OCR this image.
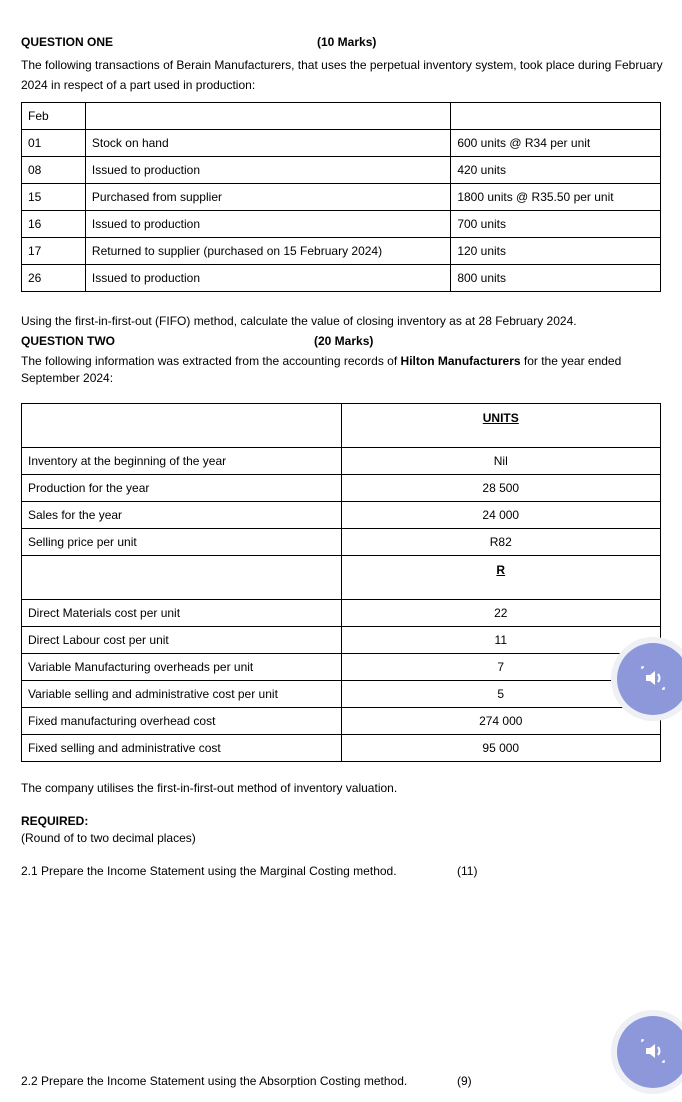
QUESTION ONE	(10 Marks)
The following transactions of Berain Manufacturers, that uses the perpetual inventory system, took place during February 2024 in respect of a part used in production:
Feb		
01	Stock on hand	600 units @ R34 per unit
08	Issued to production	420 units
15	Purchased from supplier	1800 units @ R35.50 per unit
16	Issued to production	700 units
17	Returned to supplier (purchased on 15 February 2024)	120 units
26	Issued to production	800 units
Using the first-in-first-out (FIFO) method, calculate the value of closing inventory as at 28 February 2024.
QUESTION TWO	(20 Marks)
The following information was extracted from the accounting records of Hilton Manufacturers for the year ended September 2024:
	UNITS
Inventory at the beginning of the year	Nil
Production for the year	28 500
Sales for the year	24 000
Selling price per unit	R82
	R
Direct Materials cost per unit	22
Direct Labour cost per unit	11
Variable Manufacturing overheads per unit	7
Variable selling and administrative cost per unit	5
Fixed manufacturing overhead cost	274 000
Fixed selling and administrative cost	95 000
The company utilises the first-in-first-out method of inventory valuation.
REQUIRED:
(Round of to two decimal places)
2.1 Prepare the Income Statement using the Marginal Costing method.	(11)
2.2 Prepare the Income Statement using the Absorption Costing method.	(9)
